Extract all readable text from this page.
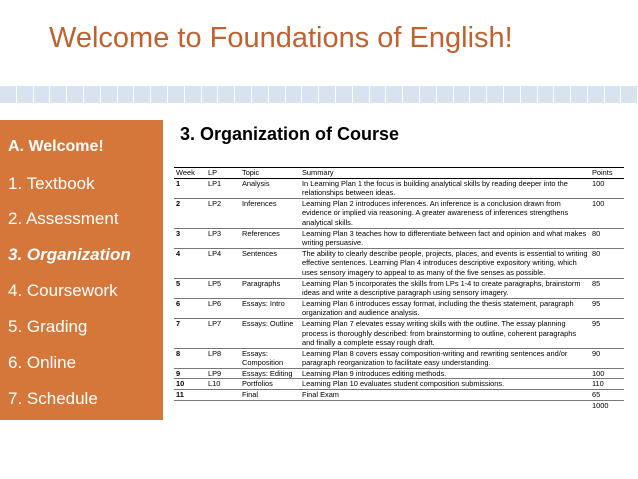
Welcome to Foundations of English!
A. Welcome!
1. Textbook
2. Assessment
3. Organization
4. Coursework
5. Grading
6. Online
7. Schedule
3. Organization of Course
Week	LP	Topic	Summary	Points
1	LP1	Analysis	In Learning Plan 1 the focus is building analytical skills by reading deeper into the relationships between ideas.	100
2	LP2	Inferences	Learning Plan 2 introduces inferences. An inference is a conclusion drawn from evidence or implied via reasoning. A greater awareness of inferences strengthens analytical skills.	100
3	LP3	References	Learning Plan 3 teaches how to differentiate between fact and opinion and what makes writing persuasive.	80
4	LP4	Sentences	The ability to clearly describe people, projects, places, and events is essential to writing effective sentences. Learning Plan 4 introduces descriptive expository writing, which uses sensory imagery to appeal to as many of the five senses as possible.	80
5	LP5	Paragraphs	Learning Plan 5 incorporates the skills from LPs 1-4 to create paragraphs, brainstorm ideas and write a descriptive paragraph using sensory imagery.	85
6	LP6	Essays: Intro	Learning Plan 6 introduces essay format, including the thesis statement, paragraph organization and audience analysis.	95
7	LP7	Essays: Outline	Learning Plan 7 elevates essay writing skills with the outline. The essay planning process is thoroughly described: from brainstorming to outline, coherent paragraphs and finally a complete essay rough draft.	95
8	LP8	Essays: Composition	Learning Plan 8 covers essay composition-writing and rewriting sentences and/or paragraph reorganization to facilitate easy understanding.	90
9	LP9	Essays: Editing	Learning Plan 9 introduces editing methods.	100
10	L10	Portfolios	Learning Plan 10 evaluates student composition submissions.	110
11		Final	Final Exam	65
				1000
